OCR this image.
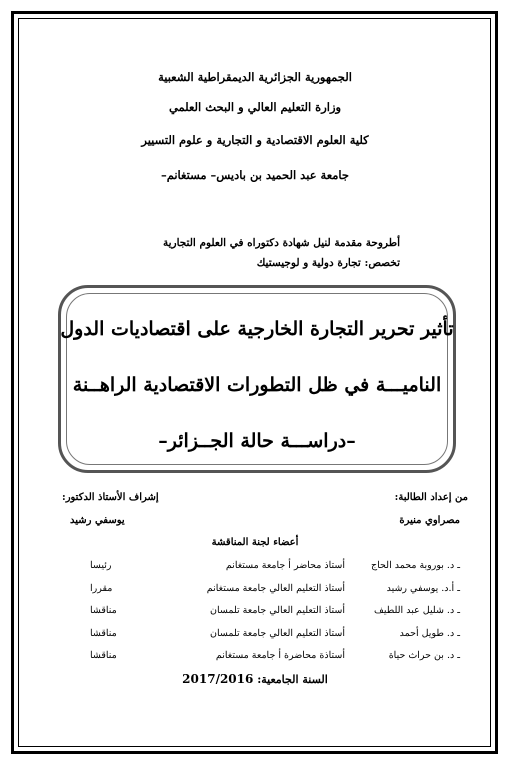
الجمهورية الجزائرية الديمقراطية الشعبية
وزارة التعليم العالي و البحث العلمي
كلية العلوم الاقتصادية و التجارية و علوم التسيير
جامعة عبد الحميد بن باديس– مستغانم–
أطروحة مقدمة لنيل شهادة دكتوراه في العلوم التجارية
تخصص: تجارة دولية و لوجيستيك
تأثير تحرير التجارة الخارجية على اقتصاديات الدول
الناميـــة في ظل التطورات الاقتصادية الراهــنة
–دراســـة حالة الجــزائر–
من إعداد الطالبة:
مصراوي منيرة
إشراف الأستاذ الدكتور:
يوسفي رشيد
أعضاء لجنة المناقشة
ـ د. بوروبة محمد الحاج
أستاذ محاضر أ جامعة مستغانم
رئيسا
ـ أ.د. يوسفي رشيد
أستاذ التعليم العالي جامعة مستغانم
مقررا
ـ د. شليل عبد اللطيف
أستاذ التعليم العالي جامعة تلمسان
مناقشا
ـ د. طويل أحمد
أستاذ التعليم العالي جامعة تلمسان
مناقشا
ـ د. بن حراث حياة
أستاذة محاضرة أ جامعة مستغانم
مناقشا
السنة الجامعية: 2017/2016
